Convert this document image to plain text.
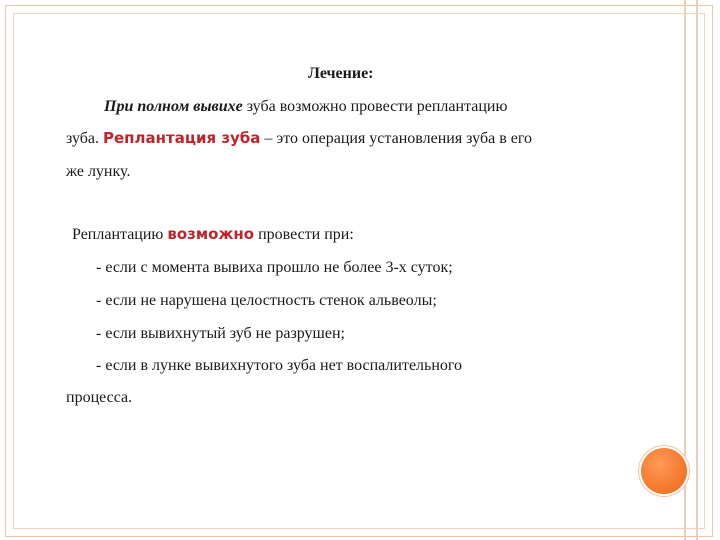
Лечение:
При полном вывихе зуба возможно провести реплантацию
зуба. Реплантация зуба – это операция установления зуба в его
же лунку.
Реплантацию возможно провести при:
- если с момента вывиха прошло не более 3-х суток;
- если не нарушена целостность стенок альвеолы;
- если вывихнутый зуб не разрушен;
- если в лунке вывихнутого зуба нет воспалительного
процесса.
